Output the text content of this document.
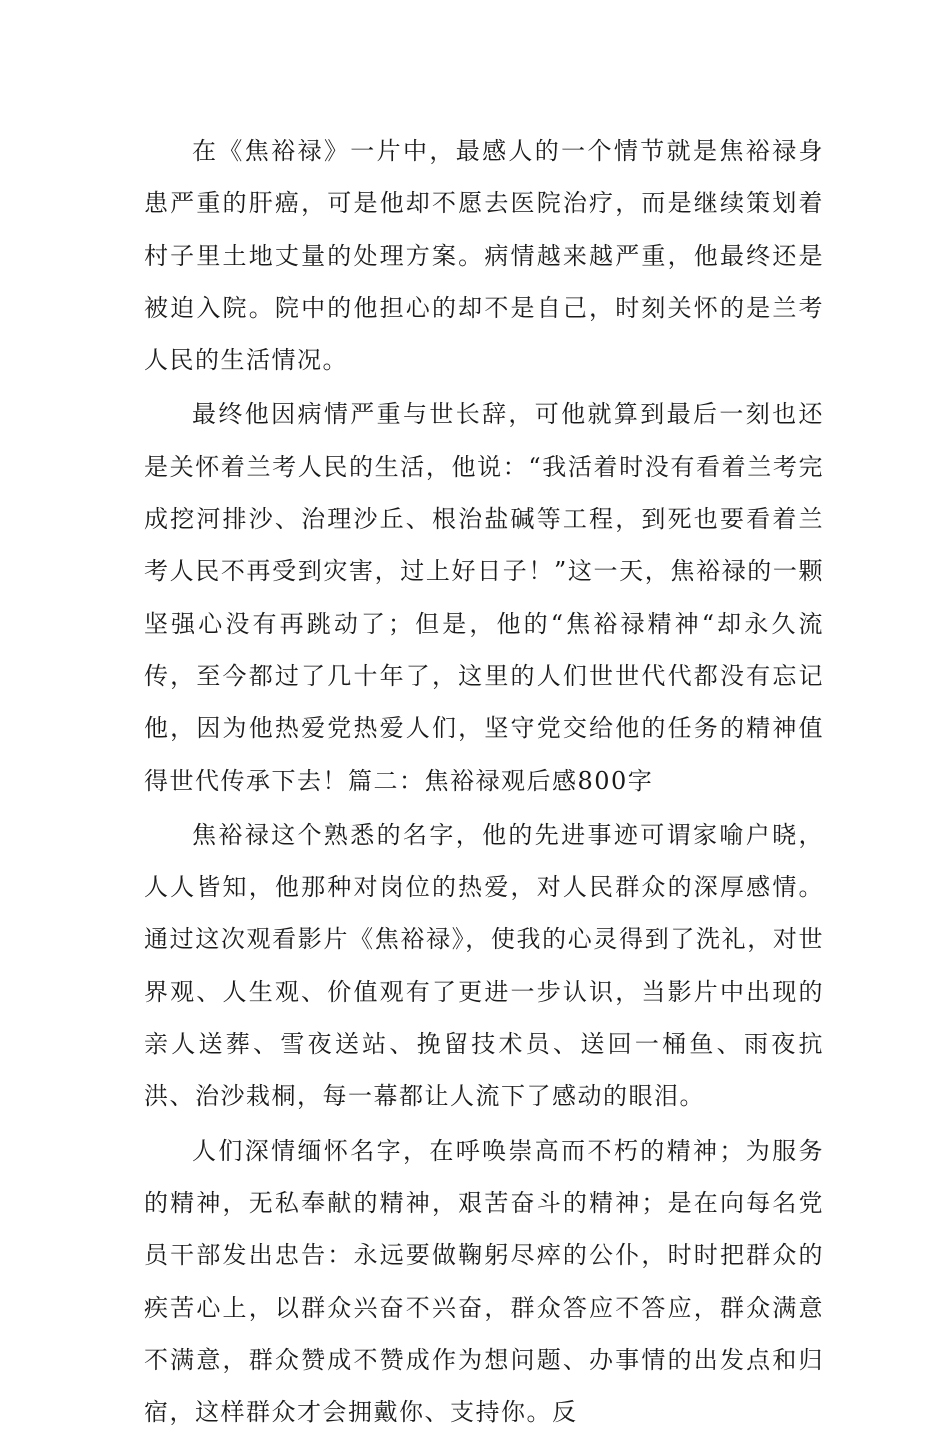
在《焦裕禄》一片中，最感人的一个情节就是焦裕禄身患严重的肝癌，可是他却不愿去医院治疗，而是继续策划着村子里土地丈量的处理方案。病情越来越严重，他最终还是被迫入院。院中的他担心的却不是自己，时刻关怀的是兰考人民的生活情况。

最终他因病情严重与世长辞，可他就算到最后一刻也还是关怀着兰考人民的生活，他说：“我活着时没有看着兰考完成挖河排沙、治理沙丘、根治盐碱等工程，到死也要看着兰考人民不再受到灾害，过上好日子！”这一天，焦裕禄的一颗坚强心没有再跳动了；但是，他的“焦裕禄精神“却永久流传，至今都过了几十年了，这里的人们世世代代都没有忘记他，因为他热爱党热爱人们，坚守党交给他的任务的精神值得世代传承下去！篇二：焦裕禄观后感800字

焦裕禄这个熟悉的名字，他的先进事迹可谓家喻户晓，人人皆知，他那种对岗位的热爱，对人民群众的深厚感情。通过这次观看影片《焦裕禄》，使我的心灵得到了洗礼，对世界观、人生观、价值观有了更进一步认识，当影片中出现的亲人送葬、雪夜送站、挽留技术员、送回一桶鱼、雨夜抗洪、治沙栽桐，每一幕都让人流下了感动的眼泪。

人们深情缅怀名字，在呼唤崇高而不朽的精神；为服务的精神，无私奉献的精神，艰苦奋斗的精神；是在向每名党员干部发出忠告：永远要做鞠躬尽瘁的公仆，时时把群众的疾苦心上，以群众兴奋不兴奋，群众答应不答应，群众满意不满意，群众赞成不赞成作为想问题、办事情的出发点和归宿，这样群众才会拥戴你、支持你。反
